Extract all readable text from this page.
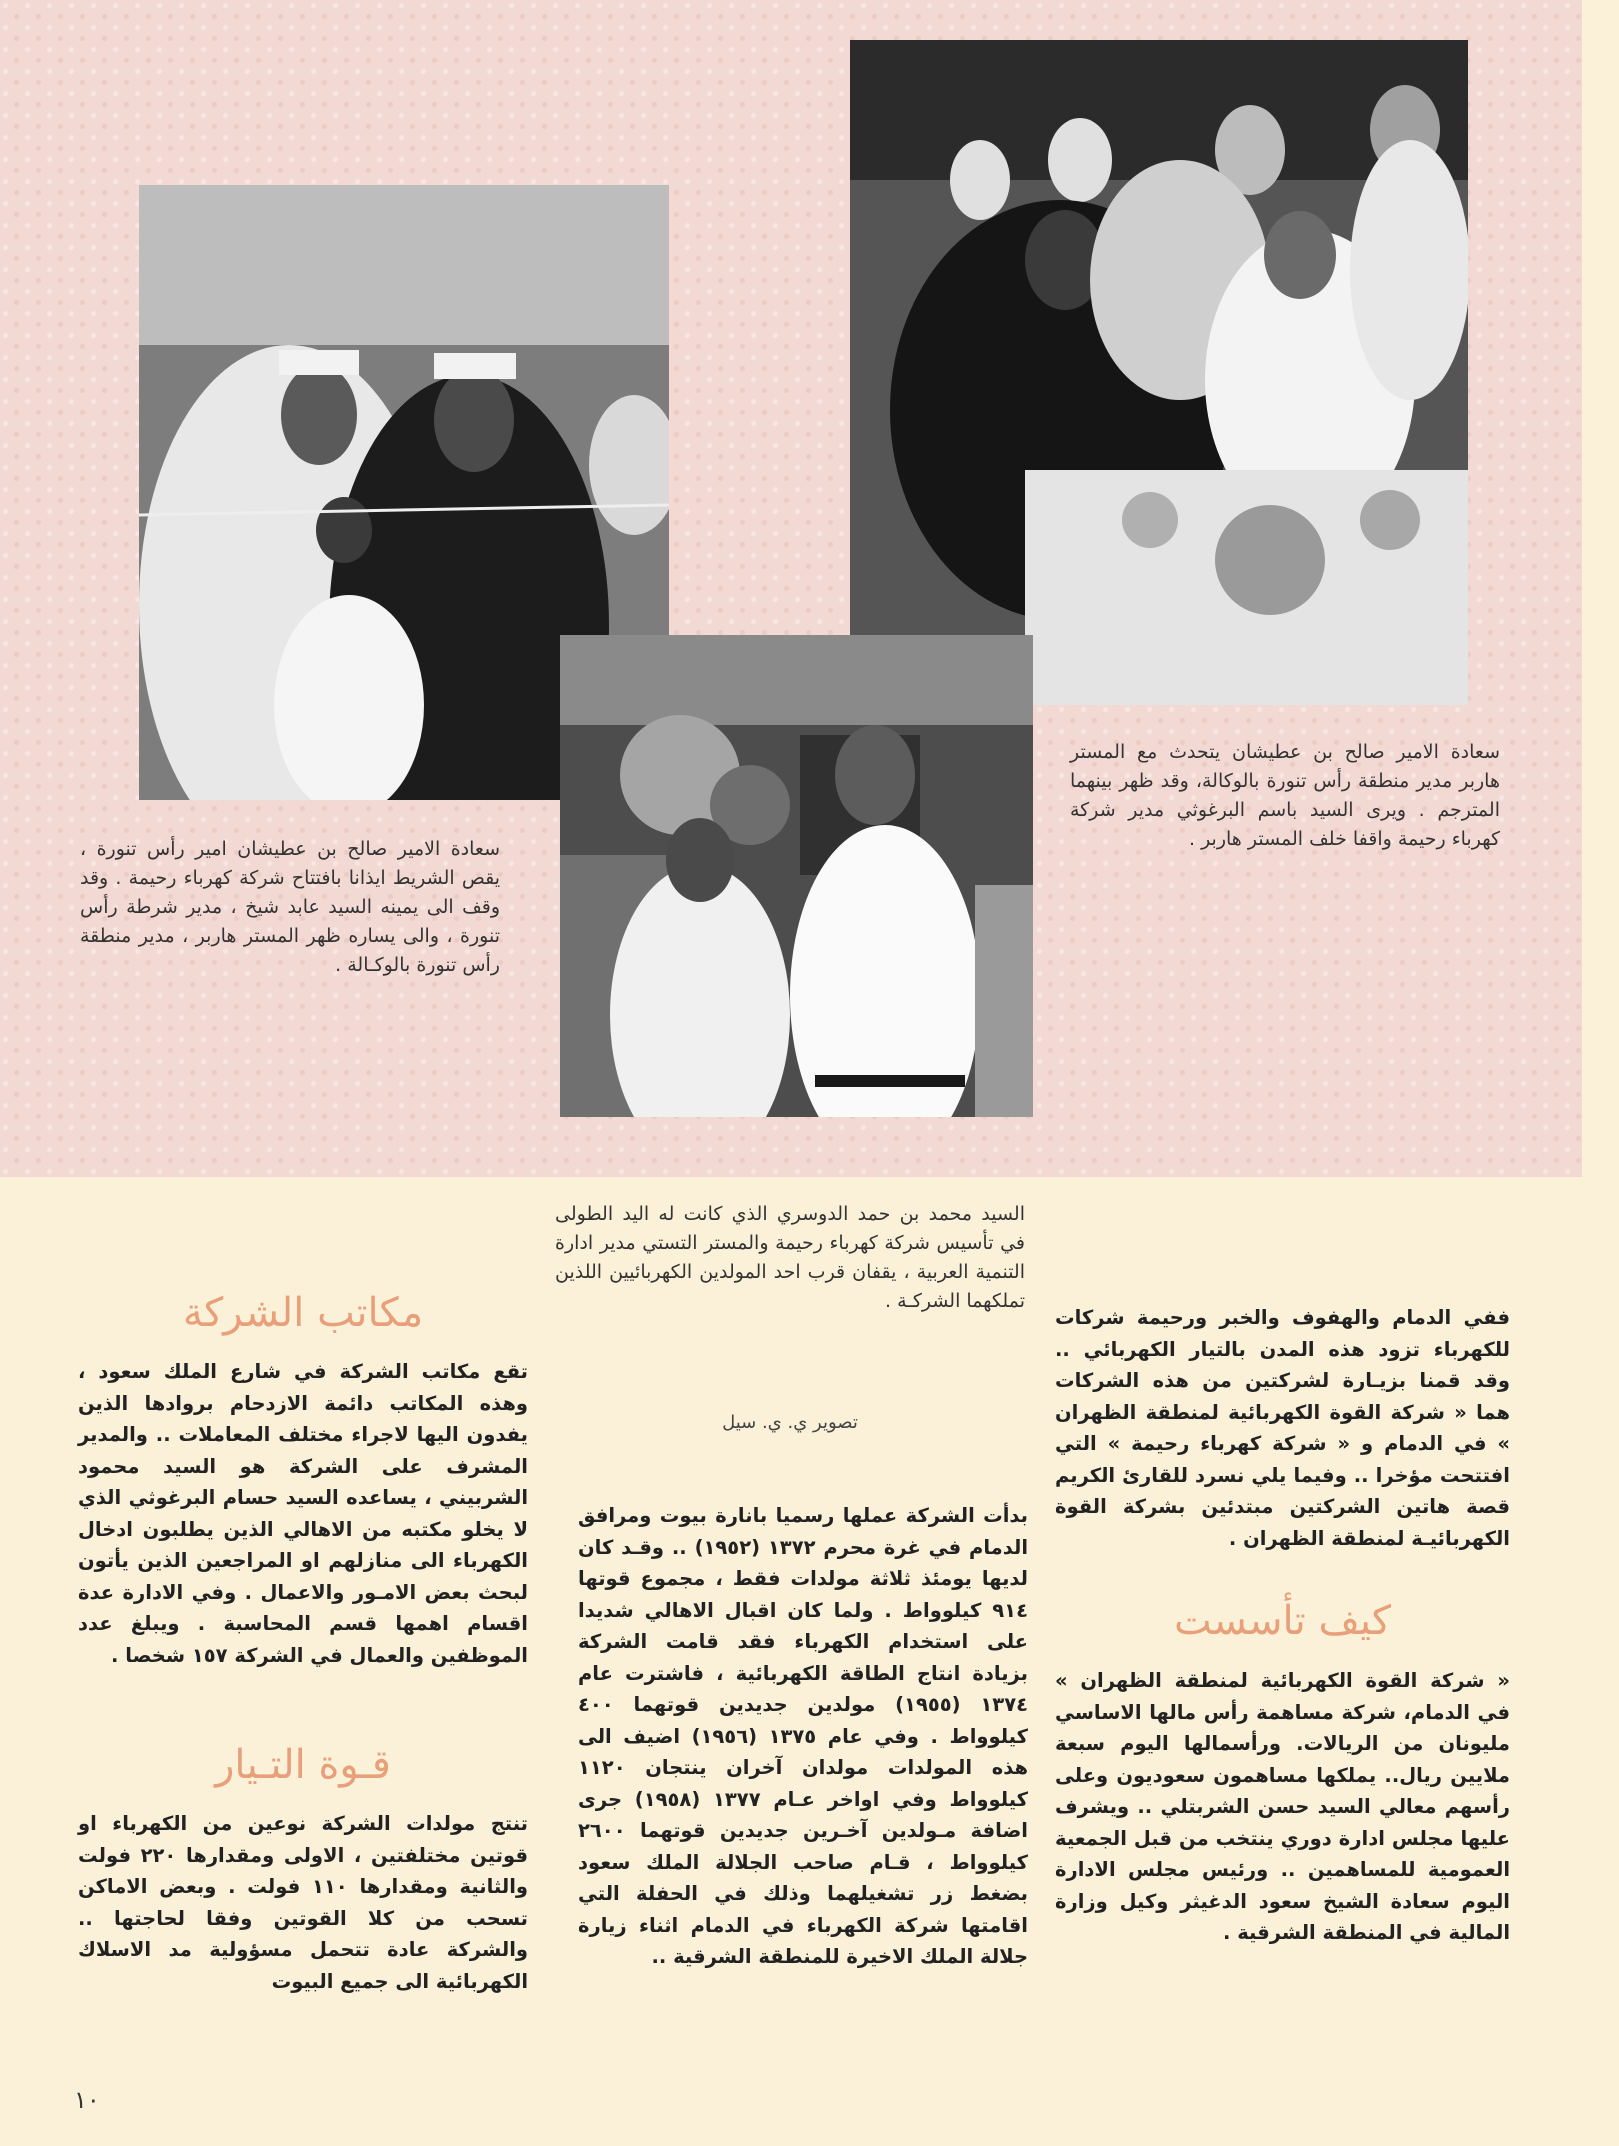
سعادة الامير صالح بن عطيشان امير رأس تنورة ، يقص الشريط ايذانا بافتتاح شركة كهرباء رحيمة . وقد وقف الى يمينه السيد عابد شيخ ، مدير شرطة رأس تنورة ، والى يساره ظهر المستر هاربر ، مدير منطقة رأس تنورة بالوكـالة .
سعادة الامير صالح بن عطيشان يتحدث مع المستر هاربر مدير منطقة رأس تنورة بالوكالة، وقد ظهر بينهما المترجم . ويرى السيد باسم البرغوثي مدير شركة كهرباء رحيمة واقفا خلف المستر هاربر .
السيد محمد بن حمد الدوسري الذي كانت له اليد الطولى في تأسيس شركة كهرباء رحيمة والمستر التستي مدير ادارة التنمية العربية ، يقفان قرب احد المولدين الكهربائيين اللذين تملكهما الشركـة .
تصوير ي. ي. سيل
ففي الدمام والهفوف والخبر ورحيمة شركات للكهرباء تزود هذه المدن بالتيار الكهربائي .. وقد قمنا بزيـارة لشركتين من هذه الشركات هما « شركة القوة الكهربائية لمنطقة الظهران » في الدمام و « شركة كهرباء رحيمة » التي افتتحت مؤخرا .. وفيما يلي نسرد للقارئ الكريم قصة هاتين الشركتين مبتدئين بشركة القوة الكهربائيـة لمنطقة الظهران .
كيف تأسست
« شركة القوة الكهربائية لمنطقة الظهران » في الدمام، شركة مساهمة رأس مالها الاساسي مليونان من الريالات. ورأسمالها اليوم سبعة ملايين ريال.. يملكها مساهمون سعوديون وعلى رأسهم معالي السيد حسن الشربتلي .. ويشرف عليها مجلس ادارة دوري ينتخب من قبل الجمعية العمومية للمساهمين .. ورئيس مجلس الادارة اليوم سعادة الشيخ سعود الدغيثر وكيل وزارة المالية في المنطقة الشرقية .
بدأت الشركة عملها رسميا بانارة بيوت ومرافق الدمام في غرة محرم ١٣٧٢ (١٩٥٢) .. وقـد كان لديها يومئذ ثلاثة مولدات فقط ، مجموع قوتها ٩١٤ كيلوواط . ولما كان اقبال الاهالي شديدا على استخدام الكهرباء فقد قامت الشركة بزيادة انتاج الطاقة الكهربائية ، فاشترت عام ١٣٧٤ (١٩٥٥) مولدين جديدين قوتهما ٤٠٠ كيلوواط . وفي عام ١٣٧٥ (١٩٥٦) اضيف الى هذه المولدات مولدان آخران ينتجان ١١٢٠ كيلوواط وفي اواخر عـام ١٣٧٧ (١٩٥٨) جرى اضافة مـولدين آخـرين جديدين قوتهما ٢٦٠٠ كيلوواط ، قـام صاحب الجلالة الملك سعود بضغط زر تشغيلهما وذلك في الحفلة التي اقامتها شركة الكهرباء في الدمام اثناء زيارة جلالة الملك الاخيرة للمنطقة الشرقية ..
مكاتب الشركة
تقع مكاتب الشركة في شارع الملك سعود ، وهذه المكاتب دائمة الازدحام بروادها الذين يفدون اليها لاجراء مختلف المعاملات .. والمدير المشرف على الشركة هو السيد محمود الشربيني ، يساعده السيد حسام البرغوثي الذي لا يخلو مكتبه من الاهالي الذين يطلبون ادخال الكهرباء الى منازلهم او المراجعين الذين يأتون لبحث بعض الامـور والاعمال . وفي الادارة عدة اقسام اهمها قسم المحاسبة . ويبلغ عدد الموظفين والعمال في الشركة ١٥٧ شخصا .
قـوة التـيار
تنتج مولدات الشركة نوعين من الكهرباء او قوتين مختلفتين ، الاولى ومقدارها ٢٢٠ فولت والثانية ومقدارها ١١٠ فولت . وبعض الاماكن تسحب من كلا القوتين وفقا لحاجتها .. والشركة عادة تتحمل مسؤولية مد الاسلاك الكهربائية الى جميع البيوت
١٠
